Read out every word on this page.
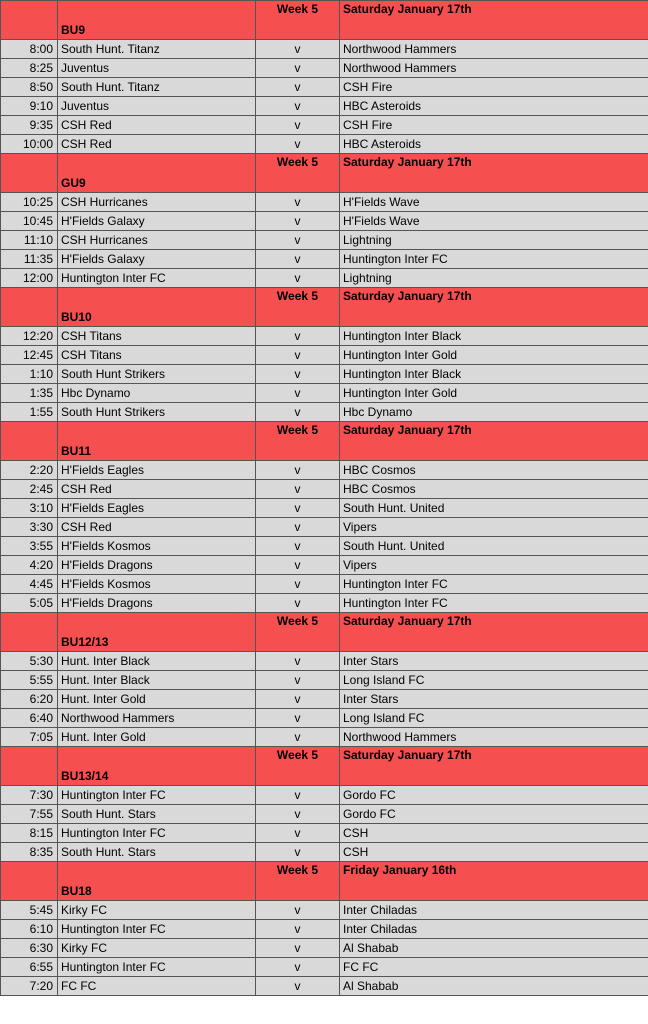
	BU9	Week 5	Saturday January 17th
8:00	South Hunt. Titanz	v	Northwood Hammers
8:25	Juventus	v	Northwood Hammers
8:50	South Hunt. Titanz	v	CSH Fire
9:10	Juventus	v	HBC Asteroids
9:35	CSH Red	v	CSH Fire
10:00	CSH Red	v	HBC Asteroids
	GU9	Week 5	Saturday January 17th
10:25	CSH Hurricanes	v	H'Fields Wave
10:45	H'Fields Galaxy	v	H'Fields Wave
11:10	CSH Hurricanes	v	Lightning
11:35	H'Fields Galaxy	v	Huntington Inter FC
12:00	Huntington Inter FC	v	Lightning
	BU10	Week 5	Saturday January 17th
12:20	CSH Titans	v	Huntington Inter Black
12:45	CSH Titans	v	Huntington Inter Gold
1:10	South Hunt Strikers	v	Huntington Inter Black
1:35	Hbc Dynamo	v	Huntington Inter Gold
1:55	South Hunt Strikers	v	Hbc Dynamo
	BU11	Week 5	Saturday January 17th
2:20	H'Fields Eagles	v	HBC Cosmos
2:45	CSH Red	v	HBC Cosmos
3:10	H'Fields Eagles	v	South Hunt. United
3:30	CSH Red	v	Vipers
3:55	H'Fields Kosmos	v	South Hunt. United
4:20	H'Fields Dragons	v	Vipers
4:45	H'Fields Kosmos	v	Huntington Inter FC
5:05	H'Fields Dragons	v	Huntington Inter FC
	BU12/13	Week 5	Saturday January 17th
5:30	Hunt. Inter Black	v	Inter Stars
5:55	Hunt. Inter Black	v	Long Island FC
6:20	Hunt. Inter Gold	v	Inter Stars
6:40	Northwood Hammers	v	Long Island FC
7:05	Hunt. Inter Gold	v	Northwood Hammers
	BU13/14	Week 5	Saturday January 17th
7:30	Huntington Inter FC	v	Gordo FC
7:55	South Hunt. Stars	v	Gordo FC
8:15	Huntington Inter FC	v	CSH
8:35	South Hunt. Stars	v	CSH
	BU18	Week 5	Friday January 16th
5:45	Kirky FC	v	Inter Chiladas
6:10	Huntington Inter FC	v	Inter Chiladas
6:30	Kirky FC	v	Al Shabab
6:55	Huntington Inter FC	v	FC FC
7:20	FC FC	v	Al Shabab
